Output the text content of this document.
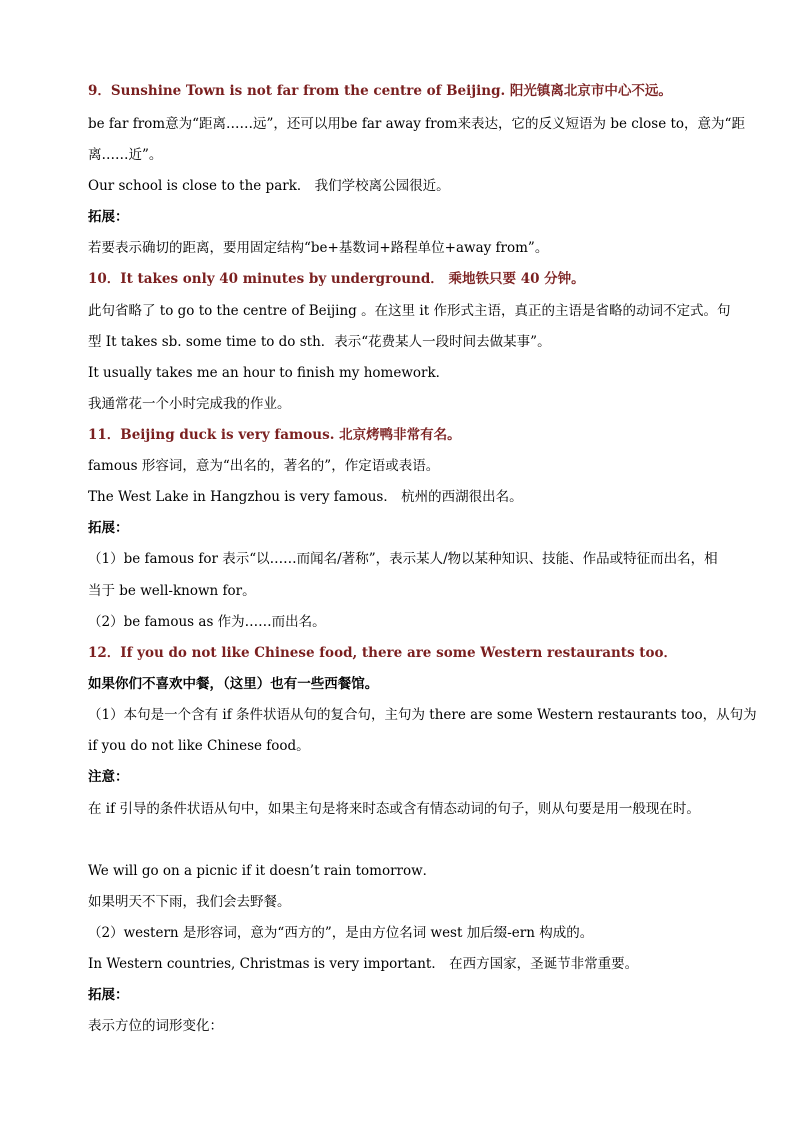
9．Sunshine Town is not far from the centre of Beijing. 阳光镇离北京市中心不远。
be far from意为“距离……远”，还可以用be far away from来表达，它的反义短语为 be close to，意为“距
离……近”。
Our school is close to the park． 我们学校离公园很近。
拓展：
若要表示确切的距离，要用固定结构“be+基数词+路程单位+away from”。
10．It takes only 40 minutes by underground． 乘地铁只要 40 分钟。
此句省略了 to go to the centre of Beijing 。在这里 it 作形式主语，真正的主语是省略的动词不定式。句
型 It takes sb. some time to do sth．表示“花费某人一段时间去做某事”。
It usually takes me an hour to finish my homework．
我通常花一个小时完成我的作业。
11．Beijing duck is very famous. 北京烤鸭非常有名。
famous 形容词，意为“出名的，著名的”，作定语或表语。
The West Lake in Hangzhou is very famous． 杭州的西湖很出名。
拓展：
（1）be famous for 表示“以……而闻名/著称”，表示某人/物以某种知识、技能、作品或特征而出名，相
当于 be well-known for。
（2）be famous as 作为……而出名。
12．If you do not like Chinese food, there are some Western restaurants too．
如果你们不喜欢中餐，（这里）也有一些西餐馆。
（1）本句是一个含有 if 条件状语从句的复合句，主句为 there are some Western restaurants too，从句为
if you do not like Chinese food。
注意：
在 if 引导的条件状语从句中，如果主句是将来时态或含有情态动词的句子，则从句要是用一般现在时。
We will go on a picnic if it doesn’t rain tomorrow．
如果明天不下雨，我们会去野餐。
（2）western 是形容词，意为“西方的”，是由方位名词 west 加后缀-ern 构成的。
In Western countries, Christmas is very important． 在西方国家，圣诞节非常重要。
拓展：
表示方位的词形变化：
